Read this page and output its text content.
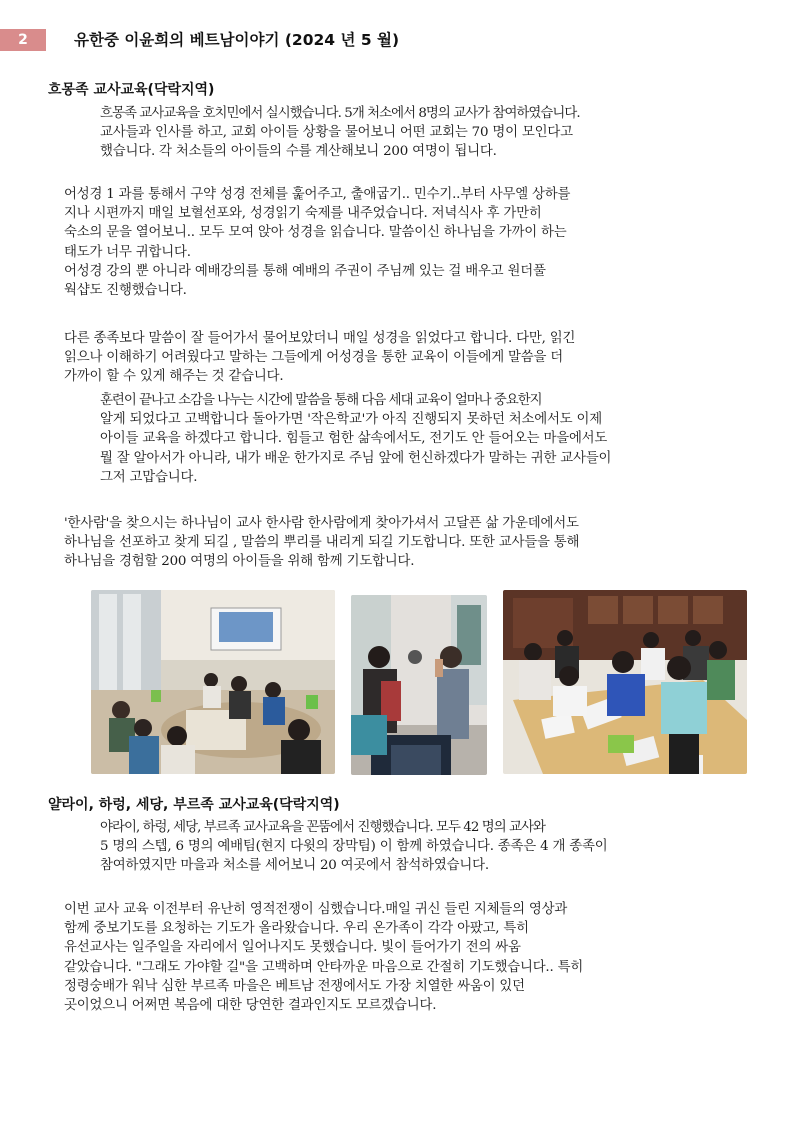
2	유한중 이윤희의 베트남이야기 (2024 년 5 월)
흐몽족 교사교육(닥락지역)

흐몽족 교사교육을 호치민에서 실시했습니다. 5개 처소에서 8명의 교사가 참여하였습니다.
교사들과 인사를 하고, 교회 아이들 상황을 물어보니 어떤 교회는 70 명이 모인다고
했습니다. 각 처소들의 아이들의 수를 계산해보니 200 여명이 됩니다.

어성경 1 과를 통해서 구약 성경 전체를 훑어주고, 출애굽기.. 민수기..부터 사무엘 상하를
지나 시편까지 매일 보혈선포와, 성경읽기 숙제를 내주었습니다. 저녁식사 후 가만히
숙소의 문을 열어보니.. 모두 모여 앉아 성경을 읽습니다. 말씀이신 하나님을 가까이 하는
태도가 너무 귀합니다.
어성경 강의 뿐 아니라 예배강의를 통해 예배의 주권이 주님께 있는 걸 배우고 원더풀
웍샵도 진행했습니다.

다른 종족보다 말씀이 잘 들어가서 물어보았더니 매일 성경을 읽었다고 합니다. 다만, 읽긴
읽으나 이해하기 어려웠다고 말하는 그들에게 어성경을 통한 교육이 이들에게 말씀을 더
가까이 할 수 있게 해주는 것 같습니다.

훈련이 끝나고 소감을 나누는 시간에 말씀을 통해 다음 세대 교육이 얼마나 중요한지
알게 되었다고 고백합니다 돌아가면 '작은학교'가 아직 진행되지 못하던 처소에서도 이제
아이들 교육을 하겠다고 합니다. 힘들고 험한 삶속에서도, 전기도 안 들어오는 마을에서도
뭘 잘 알아서가 아니라, 내가 배운 한가지로 주님 앞에 헌신하겠다가 말하는 귀한 교사들이
그저 고맙습니다.

'한사람'을 찾으시는 하나님이 교사 한사람 한사람에게 찾아가셔서 고달픈 삶 가운데에서도
하나님을 선포하고 찾게 되길 , 말씀의 뿌리를 내리게 되길 기도합니다. 또한 교사들을 통해
하나님을 경험할 200 여명의 아이들을 위해 함께 기도합니다.

얄라이, 하렁, 세당, 부르족 교사교육(닥락지역)

야라이, 하렁, 세당, 부르족 교사교육을 꼰뚬에서 진행했습니다. 모두 42 명의 교사와
5 명의 스텝, 6 명의 예배팀(현지 다윗의 장막팀) 이 함께 하였습니다. 종족은 4 개 종족이
참여하였지만 마을과 처소를 세어보니 20 여곳에서 참석하였습니다.

이번 교사 교육 이전부터 유난히 영적전쟁이 심했습니다.매일 귀신 들린 지체들의 영상과
함께 중보기도를 요청하는 기도가 올라왔습니다. 우리 온가족이 각각 아팠고, 특히
유선교사는 일주일을 자리에서 일어나지도 못했습니다. 빛이 들어가기 전의 싸움
같았습니다. "그래도 가야할 길"을 고백하며 안타까운 마음으로 간절히 기도했습니다.. 특히
정령숭배가 워낙 심한 부르족 마을은 베트남 전쟁에서도 가장 치열한 싸움이 있던
곳이었으니 어쩌면 복음에 대한 당연한 결과인지도 모르겠습니다.
